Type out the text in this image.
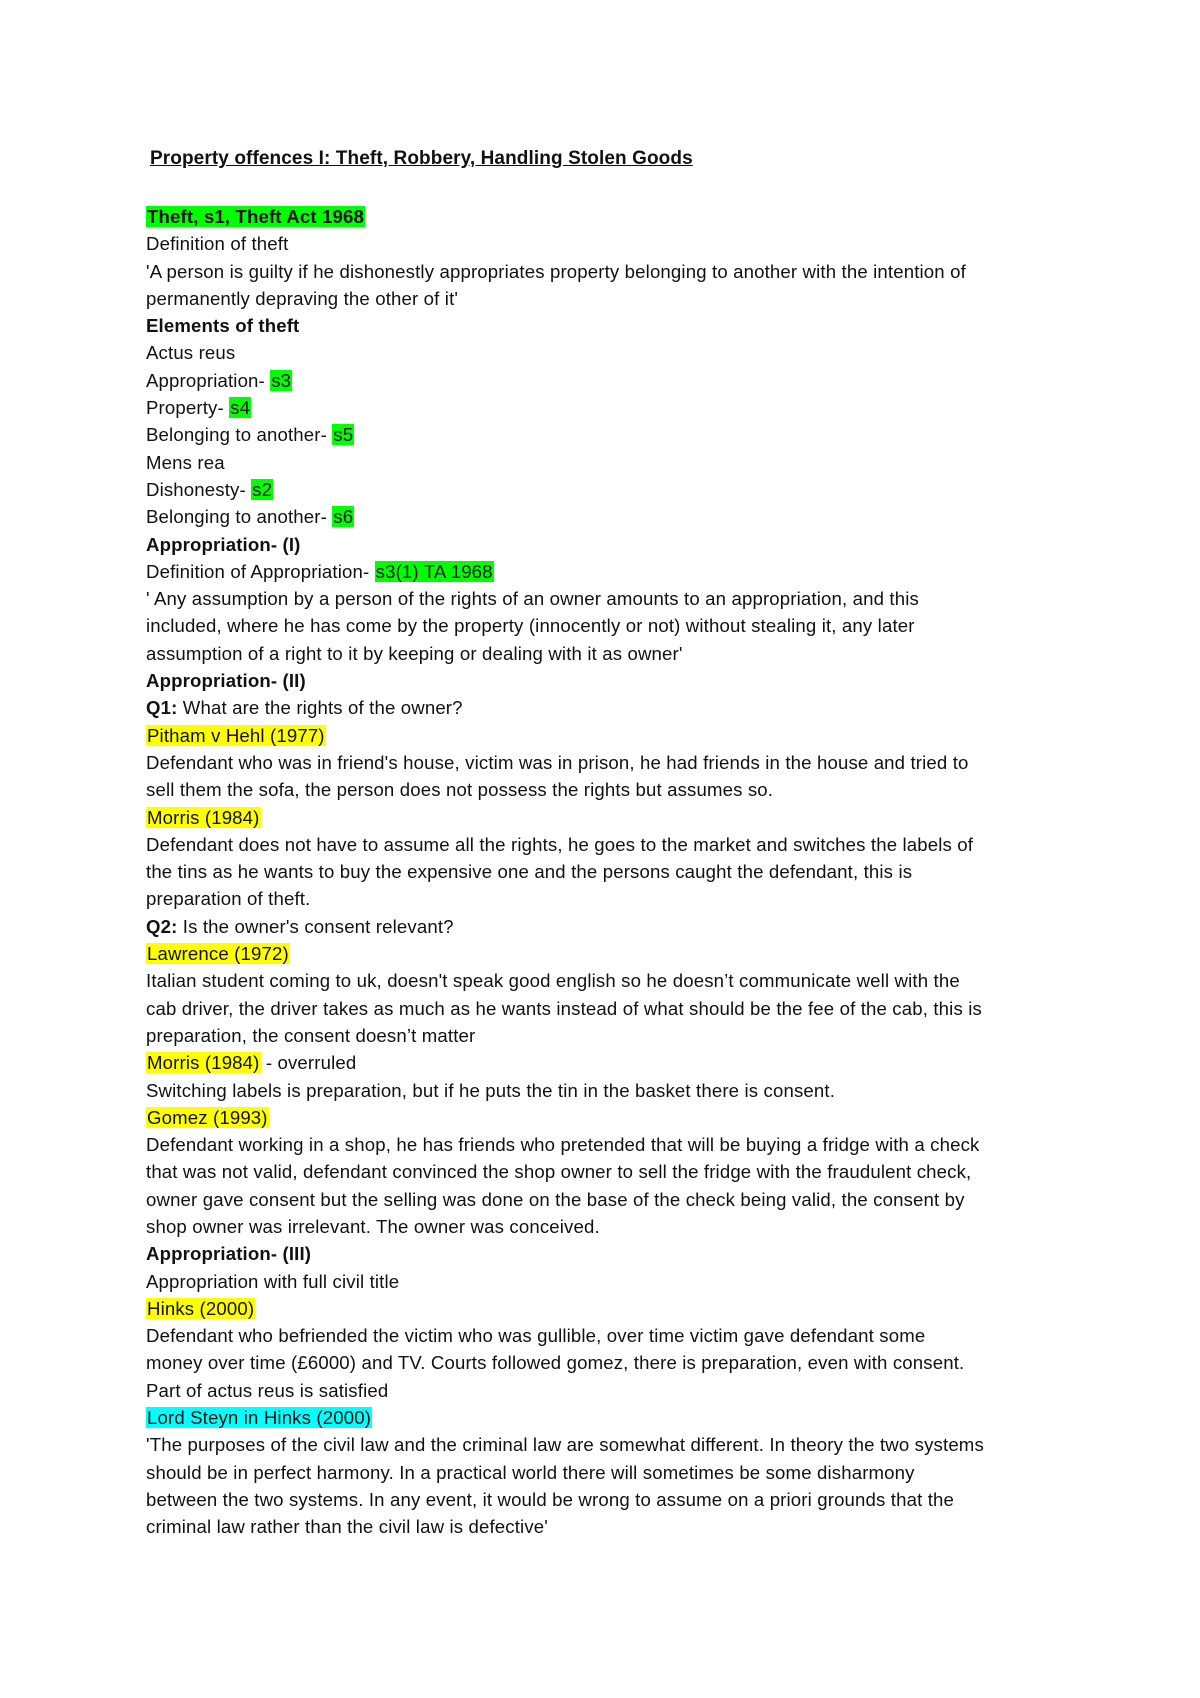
Property offences I: Theft, Robbery, Handling Stolen Goods
Theft, s1, Theft Act 1968
Definition of theft
'A person is guilty if he dishonestly appropriates property belonging to another with the intention of
permanently depraving the other of it'
Elements of theft
Actus reus
Appropriation- s3
Property- s4
Belonging to another- s5
Mens rea
Dishonesty- s2
Belonging to another- s6
Appropriation- (I)
Definition of Appropriation- s3(1) TA 1968
' Any assumption by a person of the rights of an owner amounts to an appropriation, and this
included, where he has come by the property (innocently or not) without stealing it, any later
assumption of a right to it by keeping or dealing with it as owner'
Appropriation- (II)
Q1: What are the rights of the owner?
Pitham v Hehl (1977)
Defendant who was in friend's house, victim was in prison, he had friends in the house and tried to
sell them the sofa, the person does not possess the rights but assumes so.
Morris (1984)
Defendant does not have to assume all the rights, he goes to the market and switches the labels of
the tins as he wants to buy the expensive one and the persons caught the defendant, this is
preparation of theft.
Q2: Is the owner's consent relevant?
Lawrence (1972)
Italian student coming to uk, doesn't speak good english so he doesn’t communicate well with the
cab driver, the driver takes as much as he wants instead of what should be the fee of the cab, this is
preparation, the consent doesn’t matter
Morris (1984) - overruled
Switching labels is preparation, but if he puts the tin in the basket there is consent.
Gomez (1993)
Defendant working in a shop, he has friends who pretended that will be buying a fridge with a check
that was not valid, defendant convinced the shop owner to sell the fridge with the fraudulent check,
owner gave consent but the selling was done on the base of the check being valid, the consent by
shop owner was irrelevant. The owner was conceived.
Appropriation- (III)
Appropriation with full civil title
Hinks (2000)
Defendant who befriended the victim who was gullible, over time victim gave defendant some
money over time (£6000) and TV. Courts followed gomez, there is preparation, even with consent.
Part of actus reus is satisfied
Lord Steyn in Hinks (2000)
'The purposes of the civil law and the criminal law are somewhat different. In theory the two systems
should be in perfect harmony. In a practical world there will sometimes be some disharmony
between the two systems. In any event, it would be wrong to assume on a priori grounds that the
criminal law rather than the civil law is defective'
